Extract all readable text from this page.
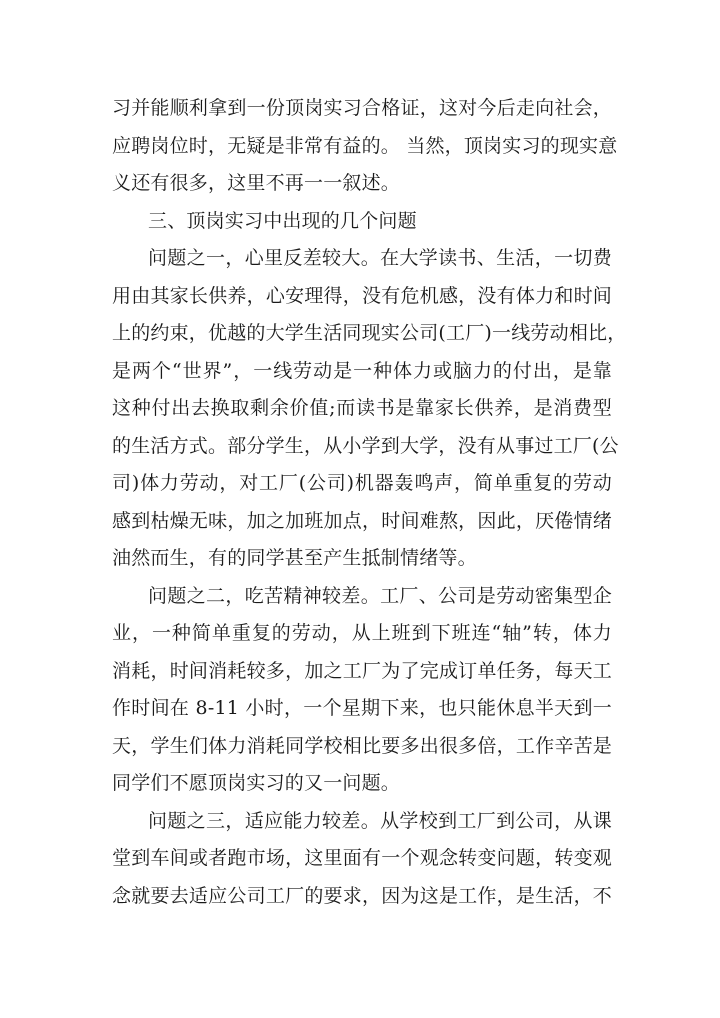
习并能顺利拿到一份顶岗实习合格证，这对今后走向社会，
应聘岗位时，无疑是非常有益的。 当然，顶岗实习的现实意
义还有很多，这里不再一一叙述。
三、顶岗实习中出现的几个问题
问题之一，心里反差较大。在大学读书、生活，一切费
用由其家长供养，心安理得，没有危机感，没有体力和时间
上的约束，优越的大学生活同现实公司(工厂)一线劳动相比，
是两个“世界”，一线劳动是一种体力或脑力的付出，是靠
这种付出去换取剩余价值;而读书是靠家长供养，是消费型
的生活方式。部分学生，从小学到大学，没有从事过工厂(公
司)体力劳动，对工厂(公司)机器轰鸣声，简单重复的劳动
感到枯燥无味，加之加班加点，时间难熬，因此，厌倦情绪
油然而生，有的同学甚至产生抵制情绪等。
问题之二，吃苦精神较差。工厂、公司是劳动密集型企
业，一种简单重复的劳动，从上班到下班连“轴”转，体力
消耗，时间消耗较多，加之工厂为了完成订单任务，每天工
作时间在 8-11 小时，一个星期下来，也只能休息半天到一
天，学生们体力消耗同学校相比要多出很多倍，工作辛苦是
同学们不愿顶岗实习的又一问题。
问题之三，适应能力较差。从学校到工厂到公司，从课
堂到车间或者跑市场，这里面有一个观念转变问题，转变观
念就要去适应公司工厂的要求，因为这是工作，是生活，不
